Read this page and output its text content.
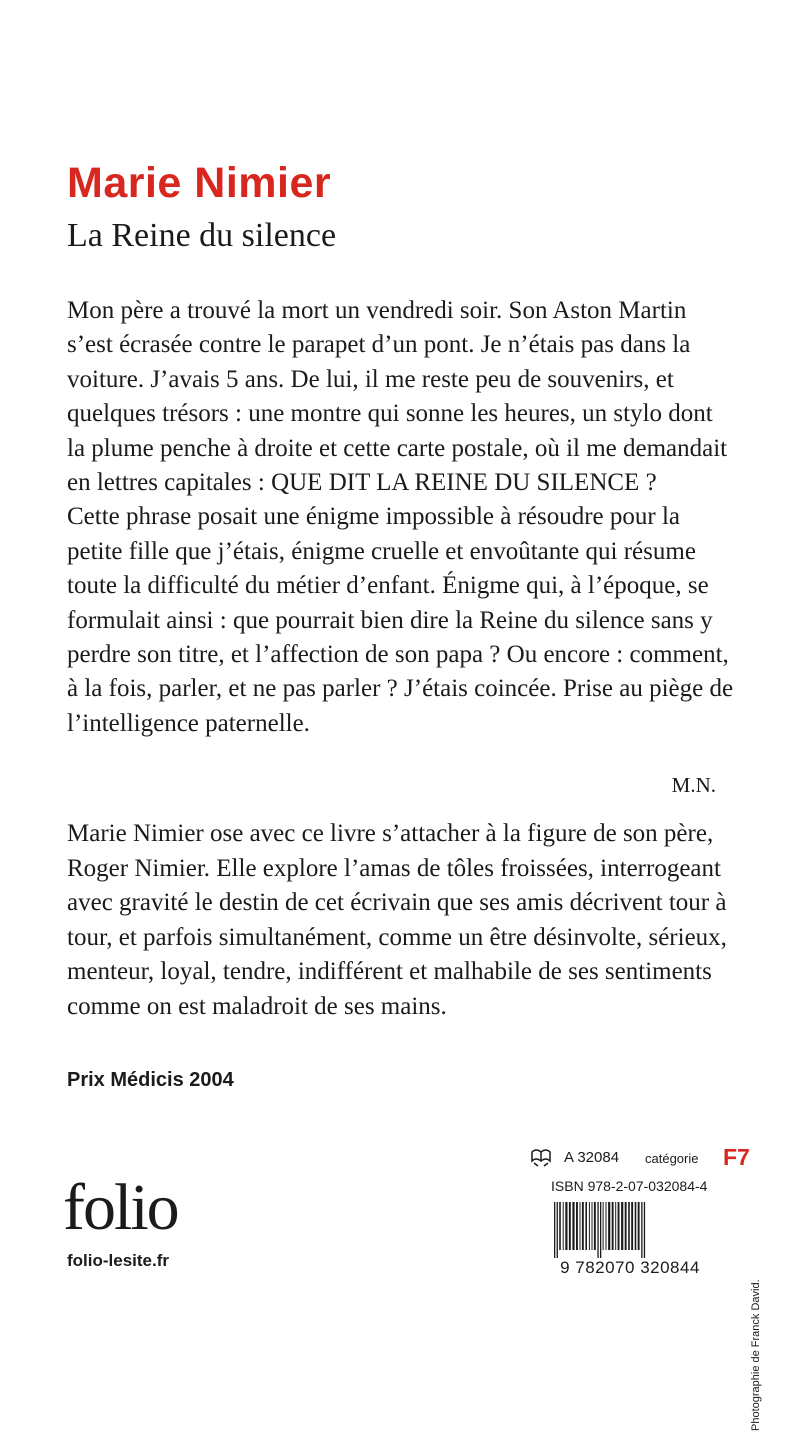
Marie Nimier
La Reine du silence

Mon père a trouvé la mort un vendredi soir. Son Aston Martin s’est écrasée contre le parapet d’un pont. Je n’étais pas dans la voiture. J’avais 5 ans. De lui, il me reste peu de souvenirs, et quelques trésors : une montre qui sonne les heures, un stylo dont la plume penche à droite et cette carte postale, où il me demandait en lettres capitales : QUE DIT LA REINE DU SILENCE ?

Cette phrase posait une énigme impossible à résoudre pour la petite fille que j’étais, énigme cruelle et envoûtante qui résume toute la difficulté du métier d’enfant. Énigme qui, à l’époque, se formulait ainsi : que pourrait bien dire la Reine du silence sans y perdre son titre, et l’affection de son papa ? Ou encore : comment, à la fois, parler, et ne pas parler ? J’étais coincée. Prise au piège de l’intelligence paternelle.

M.N.

Marie Nimier ose avec ce livre s’attacher à la figure de son père, Roger Nimier. Elle explore l’amas de tôles froissées, interrogeant avec gravité le destin de cet écrivain que ses amis décrivent tour à tour, et parfois simultanément, comme un être désinvolte, sérieux, menteur, loyal, tendre, indifférent et malhabile de ses sentiments comme on est maladroit de ses mains.

Prix Médicis 2004
folio
folio-lesite.fr
A 32084 catégorie F7
ISBN 978-2-07-032084-4
9 782070 320844
Photographie de Franck David.
